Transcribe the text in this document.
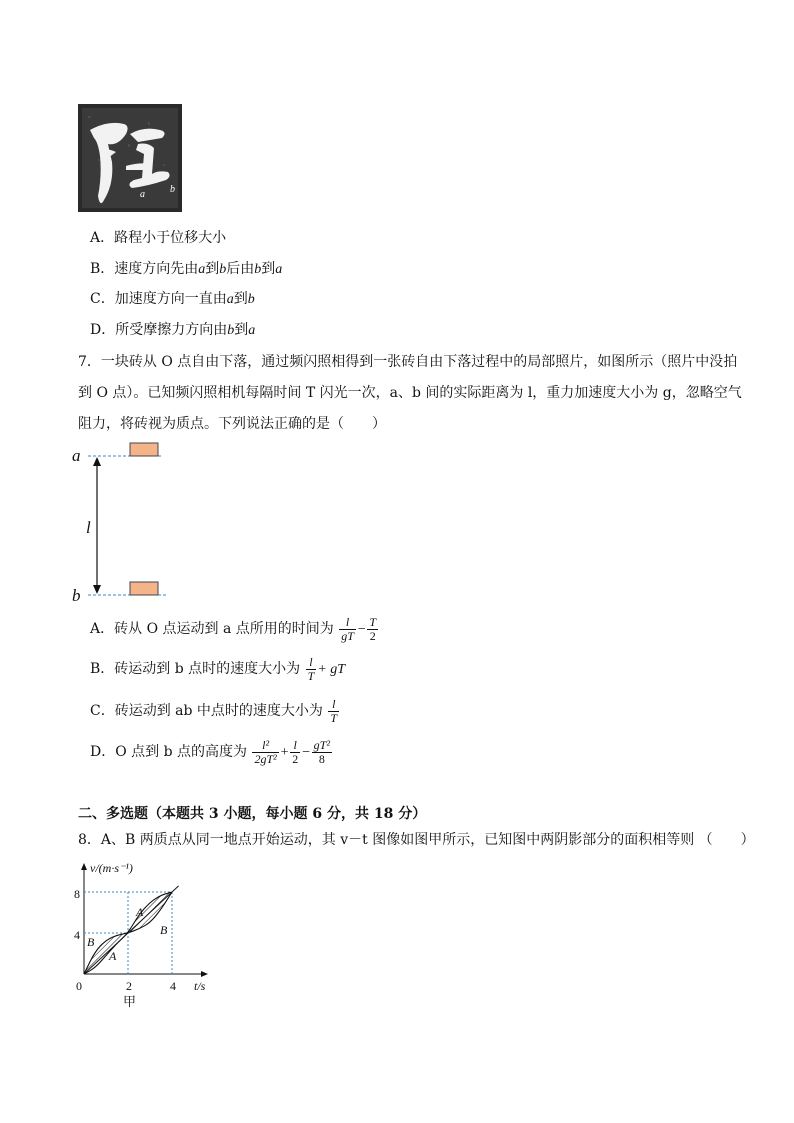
a	b
A．路程小于位移大小
B．速度方向先由a到b后由b到a
C．加速度方向一直由a到b
D．所受摩擦力方向由b到a
7．一块砖从 O 点自由下落，通过频闪照相得到一张砖自由下落过程中的局部照片，如图所示（照片中没拍
到 O 点）。已知频闪照相机每隔时间 T 闪光一次，a、b 间的实际距离为 l，重力加速度大小为 g，忽略空气
阻力，将砖视为质点。下列说法正确的是（　　）
a
b
l
A．砖从 O 点运动到 a 点所用的时间为 $\frac{l}{gT} - \frac{T}{2}$
B．砖运动到 b 点时的速度大小为 $\frac{l}{T}$ + gT
C．砖运动到 ab 中点时的速度大小为 $\frac{l}{T}$
D．O 点到 b 点的高度为 $\frac{\text{l²}}{\text{2gT²}} + \frac{l}{2} - \frac{\text{gT²}}{8}$
二、多选题（本题共 3 小题，每小题 6 分，共 18 分）
8．A、B 两质点从同一地点开始运动，其 v－t 图像如图甲所示，已知图中两阴影部分的面积相等则 （　　）
v/(m·s⁻¹)
t/s
8
4
0	2	4
A
B
B
A
甲
